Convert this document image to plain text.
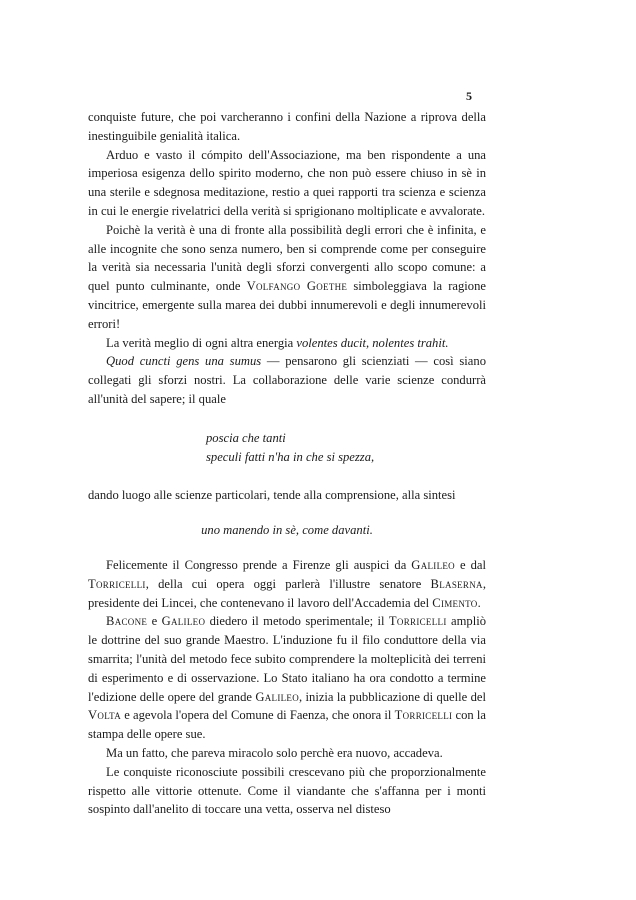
5

conquiste future, che poi varcheranno i confini della Nazione a riprova della inestinguibile genialità italica.

Arduo e vasto il cómpito dell'Associazione, ma ben rispondente a una imperiosa esigenza dello spirito moderno, che non può essere chiuso in sè in una sterile e sdegnosa meditazione, restio a quei rapporti tra scienza e scienza in cui le energie rivelatrici della verità si sprigionano moltiplicate e avvalorate.

Poichè la verità è una di fronte alla possibilità degli errori che è infinita, e alle incognite che sono senza numero, ben si comprende come per conseguire la verità sia necessaria l'unità degli sforzi convergenti allo scopo comune: a quel punto culminante, onde Volfango Goethe simboleggiava la ragione vincitrice, emergente sulla marea dei dubbi innumerevoli e degli innumerevoli errori!

La verità meglio di ogni altra energia volentes ducit, nolentes trahit.

Quod cuncti gens una sumus — pensarono gli scienziati — così siano collegati gli sforzi nostri. La collaborazione delle varie scienze condurrà all'unità del sapere; il quale

poscia che tanti
speculi fatti n'ha in che si spezza,

dando luogo alle scienze particolari, tende alla comprensione, alla sintesi

uno manendo in sè, come davanti.

Felicemente il Congresso prende a Firenze gli auspici da Galileo e dal Torricelli, della cui opera oggi parlerà l'illustre senatore Blaserna, presidente dei Lincei, che contenevano il lavoro dell'Accademia del Cimento.

Bacone e Galileo diedero il metodo sperimentale; il Torricelli ampliò le dottrine del suo grande Maestro. L'induzione fu il filo conduttore della via smarrita; l'unità del metodo fece subito comprendere la molteplicità dei terreni di esperimento e di osservazione. Lo Stato italiano ha ora condotto a termine l'edizione delle opere del grande Galileo, inizia la pubblicazione di quelle del Volta e agevola l'opera del Comune di Faenza, che onora il Torricelli con la stampa delle opere sue.

Ma un fatto, che pareva miracolo solo perchè era nuovo, accadeva.

Le conquiste riconosciute possibili crescevano più che proporzionalmente rispetto alle vittorie ottenute. Come il viandante che s'affanna per i monti sospinto dall'anelito di toccare una vetta, osserva nel disteso
